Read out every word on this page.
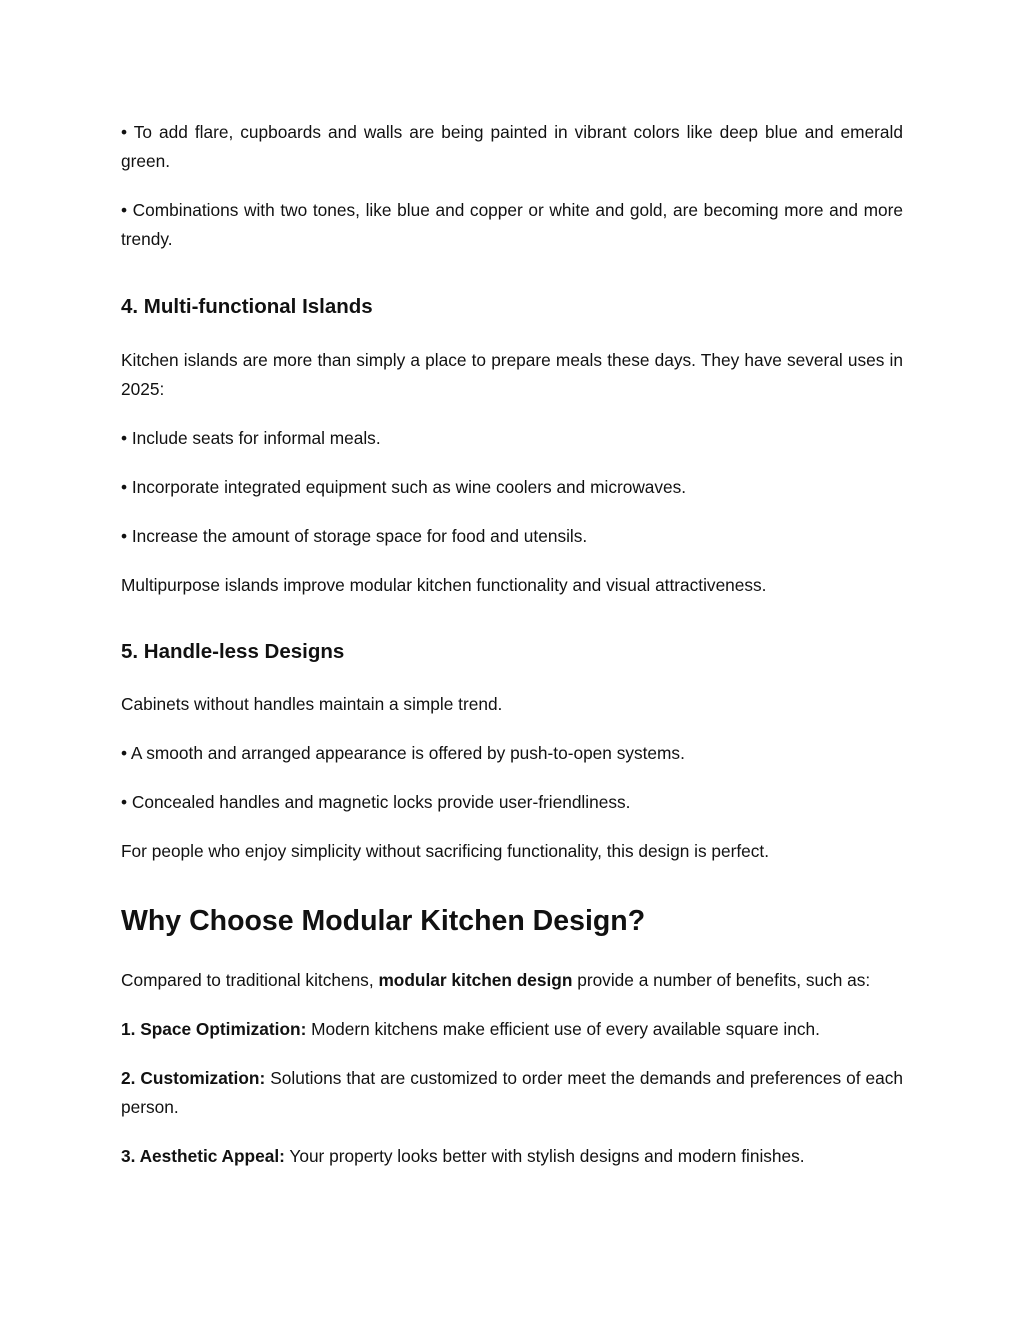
• To add flare, cupboards and walls are being painted in vibrant colors like deep blue and emerald green.

• Combinations with two tones, like blue and copper or white and gold, are becoming more and more trendy.

4. Multi-functional Islands

Kitchen islands are more than simply a place to prepare meals these days. They have several uses in 2025:

• Include seats for informal meals.

• Incorporate integrated equipment such as wine coolers and microwaves.

• Increase the amount of storage space for food and utensils.

Multipurpose islands improve modular kitchen functionality and visual attractiveness.

5. Handle-less Designs

Cabinets without handles maintain a simple trend.

• A smooth and arranged appearance is offered by push-to-open systems.

• Concealed handles and magnetic locks provide user-friendliness.

For people who enjoy simplicity without sacrificing functionality, this design is perfect.

Why Choose Modular Kitchen Design?

Compared to traditional kitchens, modular kitchen design provide a number of benefits, such as:

1. Space Optimization: Modern kitchens make efficient use of every available square inch.

2. Customization: Solutions that are customized to order meet the demands and preferences of each person.

3. Aesthetic Appeal: Your property looks better with stylish designs and modern finishes.
